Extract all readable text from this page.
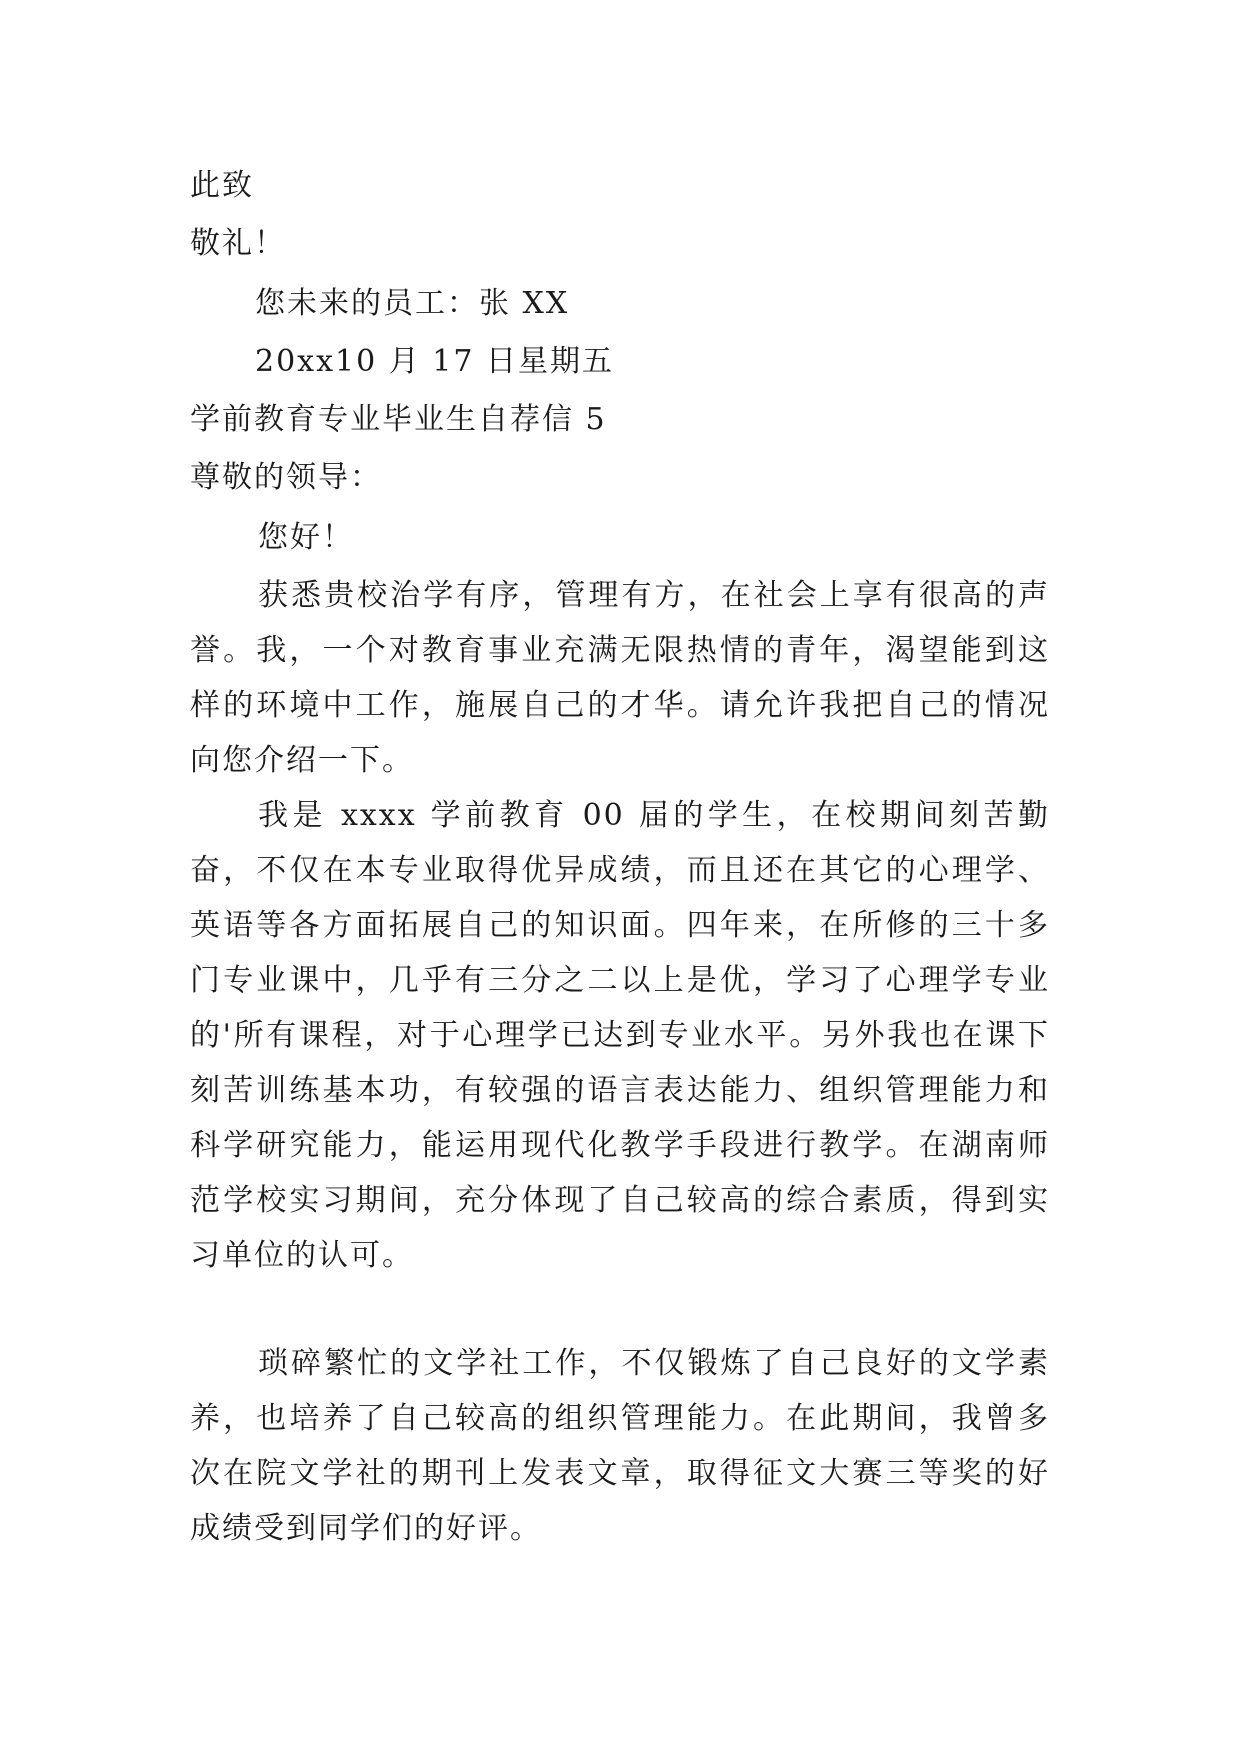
此致
敬礼！
您未来的员工：张 XX
20xx10 月 17 日星期五
学前教育专业毕业生自荐信 5
尊敬的领导：
您好！
获悉贵校治学有序，管理有方，在社会上享有很高的声誉。我，一个对教育事业充满无限热情的青年，渴望能到这样的环境中工作，施展自己的才华。请允许我把自己的情况向您介绍一下。
我是 xxxx 学前教育 00 届的学生，在校期间刻苦勤奋，不仅在本专业取得优异成绩，而且还在其它的心理学、英语等各方面拓展自己的知识面。四年来，在所修的三十多门专业课中，几乎有三分之二以上是优，学习了心理学专业的'所有课程，对于心理学已达到专业水平。另外我也在课下刻苦训练基本功，有较强的语言表达能力、组织管理能力和科学研究能力，能运用现代化教学手段进行教学。在湖南师范学校实习期间，充分体现了自己较高的综合素质，得到实习单位的认可。
琐碎繁忙的文学社工作，不仅锻炼了自己良好的文学素养，也培养了自己较高的组织管理能力。在此期间，我曾多次在院文学社的期刊上发表文章，取得征文大赛三等奖的好成绩受到同学们的好评。
